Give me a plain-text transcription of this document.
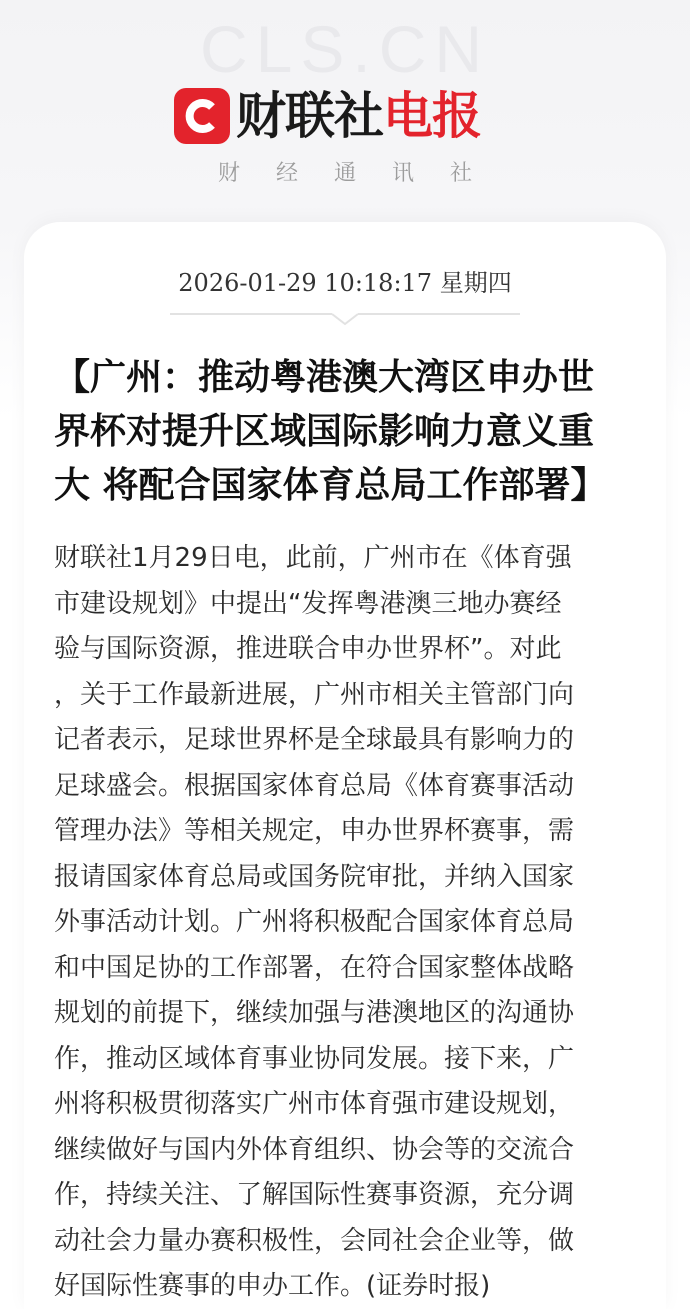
CLS.CN
财联社电报
财经通讯社
2026-01-29 10:18:17 星期四
【广州：推动粤港澳大湾区申办世
界杯对提升区域国际影响力意义重
大 将配合国家体育总局工作部署】

财联社1月29日电，此前，广州市在《体育强
市建设规划》中提出“发挥粤港澳三地办赛经
验与国际资源，推进联合申办世界杯”。对此
，关于工作最新进展，广州市相关主管部门向
记者表示，足球世界杯是全球最具有影响力的
足球盛会。根据国家体育总局《体育赛事活动
管理办法》等相关规定，申办世界杯赛事，需
报请国家体育总局或国务院审批，并纳入国家
外事活动计划。广州将积极配合国家体育总局
和中国足协的工作部署，在符合国家整体战略
规划的前提下，继续加强与港澳地区的沟通协
作，推动区域体育事业协同发展。接下来，广
州将积极贯彻落实广州市体育强市建设规划，
继续做好与国内外体育组织、协会等的交流合
作，持续关注、了解国际性赛事资源，充分调
动社会力量办赛积极性，会同社会企业等，做
好国际性赛事的申办工作。(证券时报)
